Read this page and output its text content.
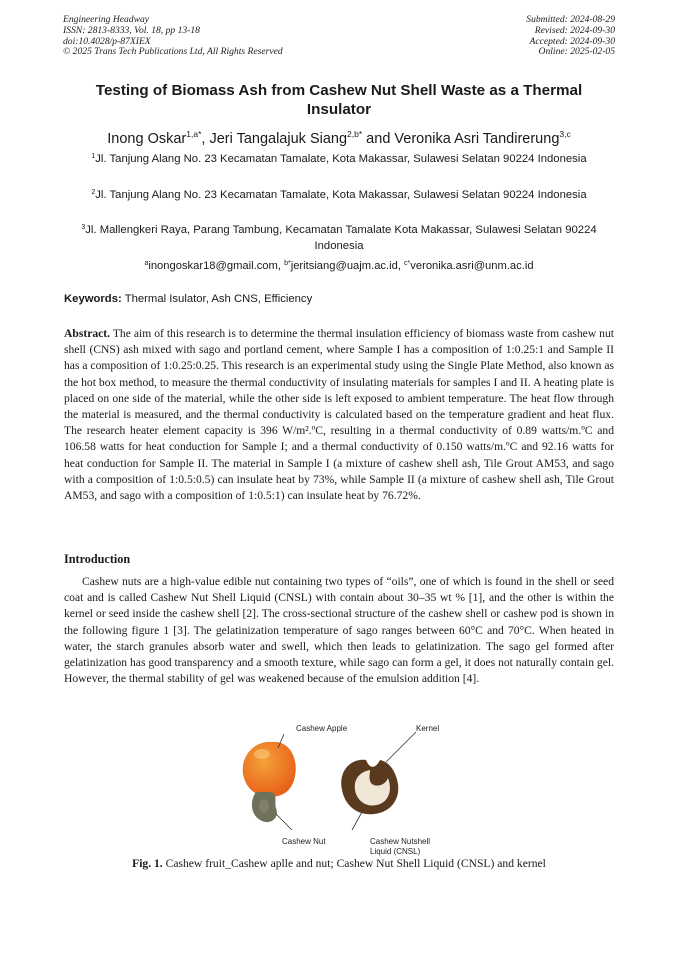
Engineering Headway
ISSN: 2813-8333, Vol. 18, pp 13-18
doi:10.4028/p-87XIEX
© 2025 Trans Tech Publications Ltd, All Rights Reserved
Submitted: 2024-08-29
Revised: 2024-09-30
Accepted: 2024-09-30
Online: 2025-02-05
Testing of Biomass Ash from Cashew Nut Shell Waste as a Thermal Insulator
Inong Oskar$^{1,a*}$, Jeri Tangalajuk Siang$^{2,b*}$ and Veronika Asri Tandirerung$^{3,c}$
$^1$Jl. Tanjung Alang No. 23 Kecamatan Tamalate, Kota Makassar, Sulawesi Selatan 90224 Indonesia
$^2$Jl. Tanjung Alang No. 23 Kecamatan Tamalate, Kota Makassar, Sulawesi Selatan 90224 Indonesia
$^3$Jl. Mallengkeri Raya, Parang Tambung, Kecamatan Tamalate Kota Makassar, Sulawesi Selatan 90224 Indonesia
$^a$inongoskar18@gmail.com, $^{b*}$jeritsiang@uajm.ac.id, $^{c*}$veronika.asri@unm.ac.id
Keywords: Thermal Isulator, Ash CNS, Efficiency
Abstract. The aim of this research is to determine the thermal insulation efficiency of biomass waste from cashew nut shell (CNS) ash mixed with sago and portland cement, where Sample I has a composition of 1:0.25:1 and Sample II has a composition of 1:0.25:0.25. This research is an experimental study using the Single Plate Method, also known as the hot box method, to measure the thermal conductivity of insulating materials for samples I and II. A heating plate is placed on one side of the material, while the other side is left exposed to ambient temperature. The heat flow through the material is measured, and the thermal conductivity is calculated based on the temperature gradient and heat flux. The research heater element capacity is 396 W/m².ºC, resulting in a thermal conductivity of 0.89 watts/m.ºC and 106.58 watts for heat conduction for Sample I; and a thermal conductivity of 0.150 watts/m.ºC and 92.16 watts for heat conduction for Sample II. The material in Sample I (a mixture of cashew shell ash, Tile Grout AM53, and sago with a composition of 1:0.5:0.5) can insulate heat by 73%, while Sample II (a mixture of cashew shell ash, Tile Grout AM53, and sago with a composition of 1:0.5:1) can insulate heat by 76.72%.
Introduction
Cashew nuts are a high-value edible nut containing two types of “oils”, one of which is found in the shell or seed coat and is called Cashew Nut Shell Liquid (CNSL) with contain about 30–35 wt % [1], and the other is within the kernel or seed inside the cashew shell [2]. The cross-sectional structure of the cashew shell or cashew pod is shown in the following figure 1 [3]. The gelatinization temperature of sago ranges between 60°C and 70°C. When heated in water, the starch granules absorb water and swell, which then leads to gelatinization. The sago gel formed after gelatinization has good transparency and a smooth texture, while sago can form a gel, it does not naturally contain gel. However, the thermal stability of gel was weakened because of the emulsion addition [4].
Cashew Apple	Kernel
Cashew Nut	Cashew Nutshell
Liquid (CNSL)
Fig. 1. Cashew fruit_Cashew aplle and nut; Cashew Nut Shell Liquid (CNSL) and kernel
